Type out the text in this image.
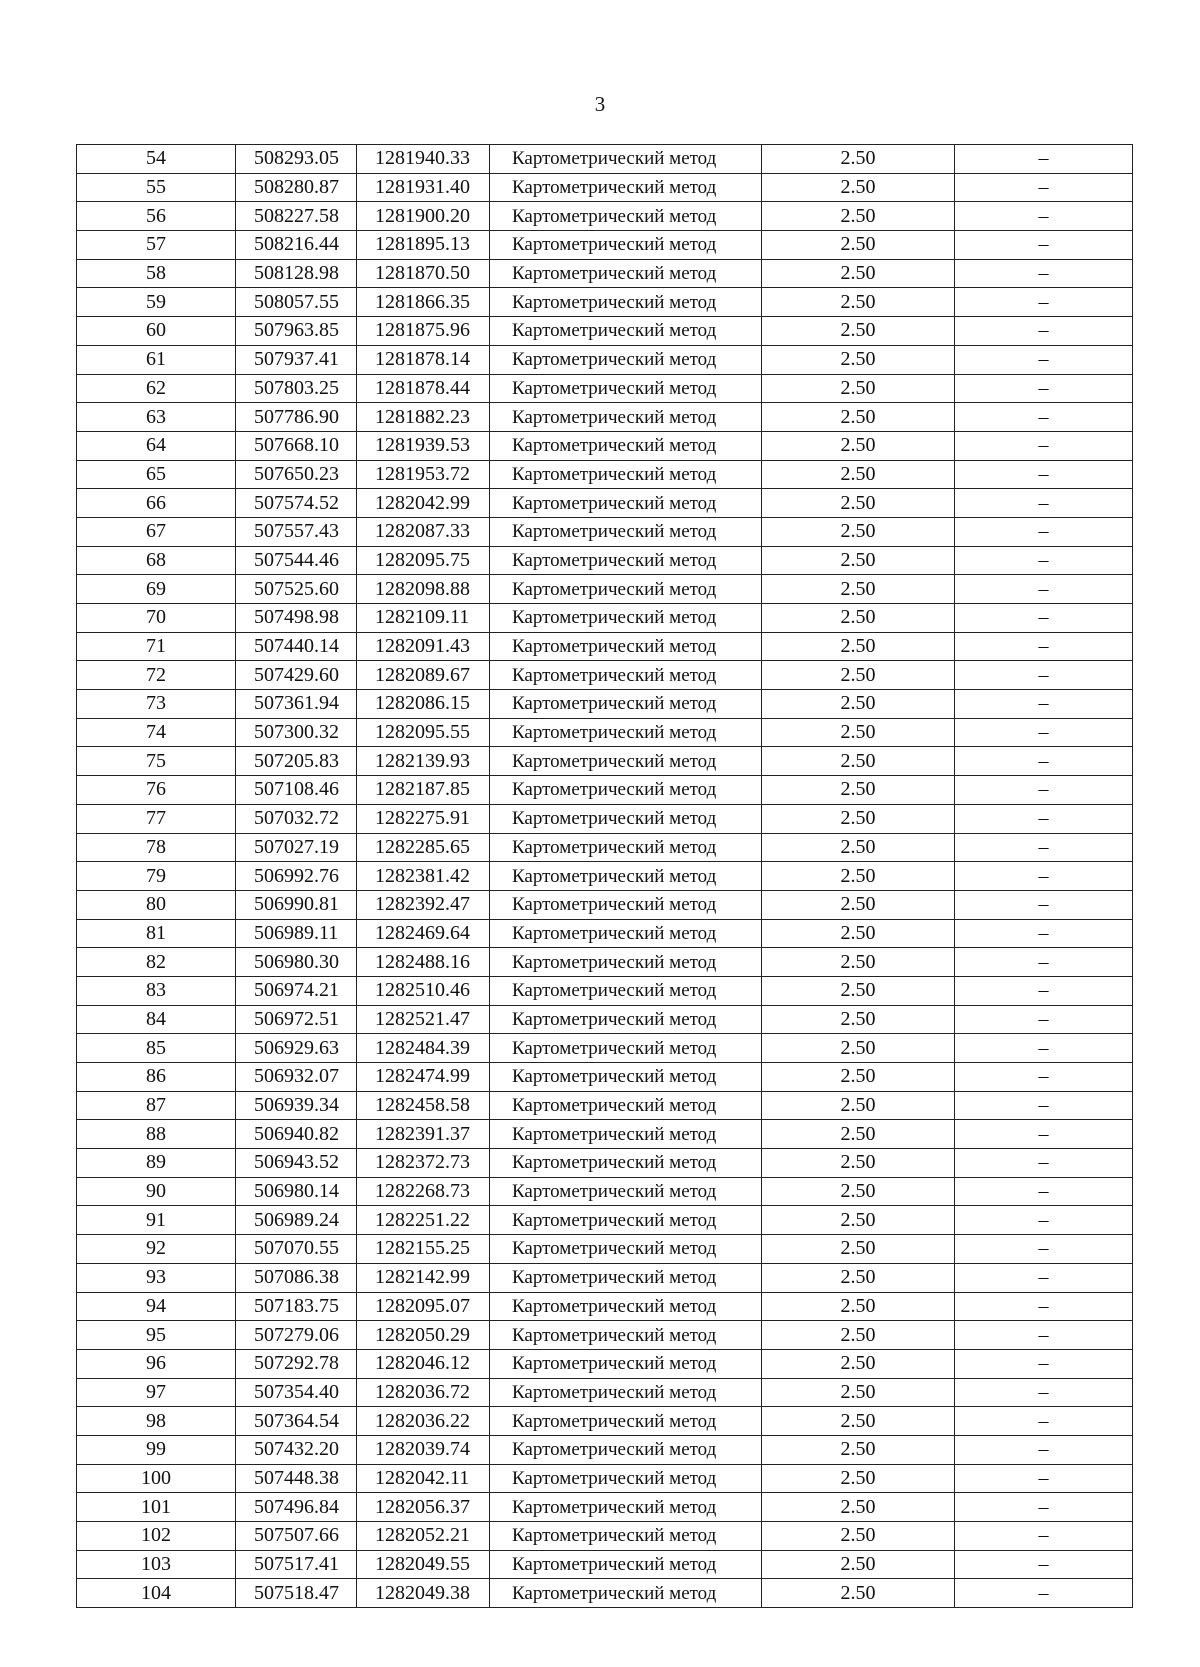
3
54	508293.05	1281940.33	Картометрический метод	2.50	–
55	508280.87	1281931.40	Картометрический метод	2.50	–
56	508227.58	1281900.20	Картометрический метод	2.50	–
57	508216.44	1281895.13	Картометрический метод	2.50	–
58	508128.98	1281870.50	Картометрический метод	2.50	–
59	508057.55	1281866.35	Картометрический метод	2.50	–
60	507963.85	1281875.96	Картометрический метод	2.50	–
61	507937.41	1281878.14	Картометрический метод	2.50	–
62	507803.25	1281878.44	Картометрический метод	2.50	–
63	507786.90	1281882.23	Картометрический метод	2.50	–
64	507668.10	1281939.53	Картометрический метод	2.50	–
65	507650.23	1281953.72	Картометрический метод	2.50	–
66	507574.52	1282042.99	Картометрический метод	2.50	–
67	507557.43	1282087.33	Картометрический метод	2.50	–
68	507544.46	1282095.75	Картометрический метод	2.50	–
69	507525.60	1282098.88	Картометрический метод	2.50	–
70	507498.98	1282109.11	Картометрический метод	2.50	–
71	507440.14	1282091.43	Картометрический метод	2.50	–
72	507429.60	1282089.67	Картометрический метод	2.50	–
73	507361.94	1282086.15	Картометрический метод	2.50	–
74	507300.32	1282095.55	Картометрический метод	2.50	–
75	507205.83	1282139.93	Картометрический метод	2.50	–
76	507108.46	1282187.85	Картометрический метод	2.50	–
77	507032.72	1282275.91	Картометрический метод	2.50	–
78	507027.19	1282285.65	Картометрический метод	2.50	–
79	506992.76	1282381.42	Картометрический метод	2.50	–
80	506990.81	1282392.47	Картометрический метод	2.50	–
81	506989.11	1282469.64	Картометрический метод	2.50	–
82	506980.30	1282488.16	Картометрический метод	2.50	–
83	506974.21	1282510.46	Картометрический метод	2.50	–
84	506972.51	1282521.47	Картометрический метод	2.50	–
85	506929.63	1282484.39	Картометрический метод	2.50	–
86	506932.07	1282474.99	Картометрический метод	2.50	–
87	506939.34	1282458.58	Картометрический метод	2.50	–
88	506940.82	1282391.37	Картометрический метод	2.50	–
89	506943.52	1282372.73	Картометрический метод	2.50	–
90	506980.14	1282268.73	Картометрический метод	2.50	–
91	506989.24	1282251.22	Картометрический метод	2.50	–
92	507070.55	1282155.25	Картометрический метод	2.50	–
93	507086.38	1282142.99	Картометрический метод	2.50	–
94	507183.75	1282095.07	Картометрический метод	2.50	–
95	507279.06	1282050.29	Картометрический метод	2.50	–
96	507292.78	1282046.12	Картометрический метод	2.50	–
97	507354.40	1282036.72	Картометрический метод	2.50	–
98	507364.54	1282036.22	Картометрический метод	2.50	–
99	507432.20	1282039.74	Картометрический метод	2.50	–
100	507448.38	1282042.11	Картометрический метод	2.50	–
101	507496.84	1282056.37	Картометрический метод	2.50	–
102	507507.66	1282052.21	Картометрический метод	2.50	–
103	507517.41	1282049.55	Картометрический метод	2.50	–
104	507518.47	1282049.38	Картометрический метод	2.50	–
